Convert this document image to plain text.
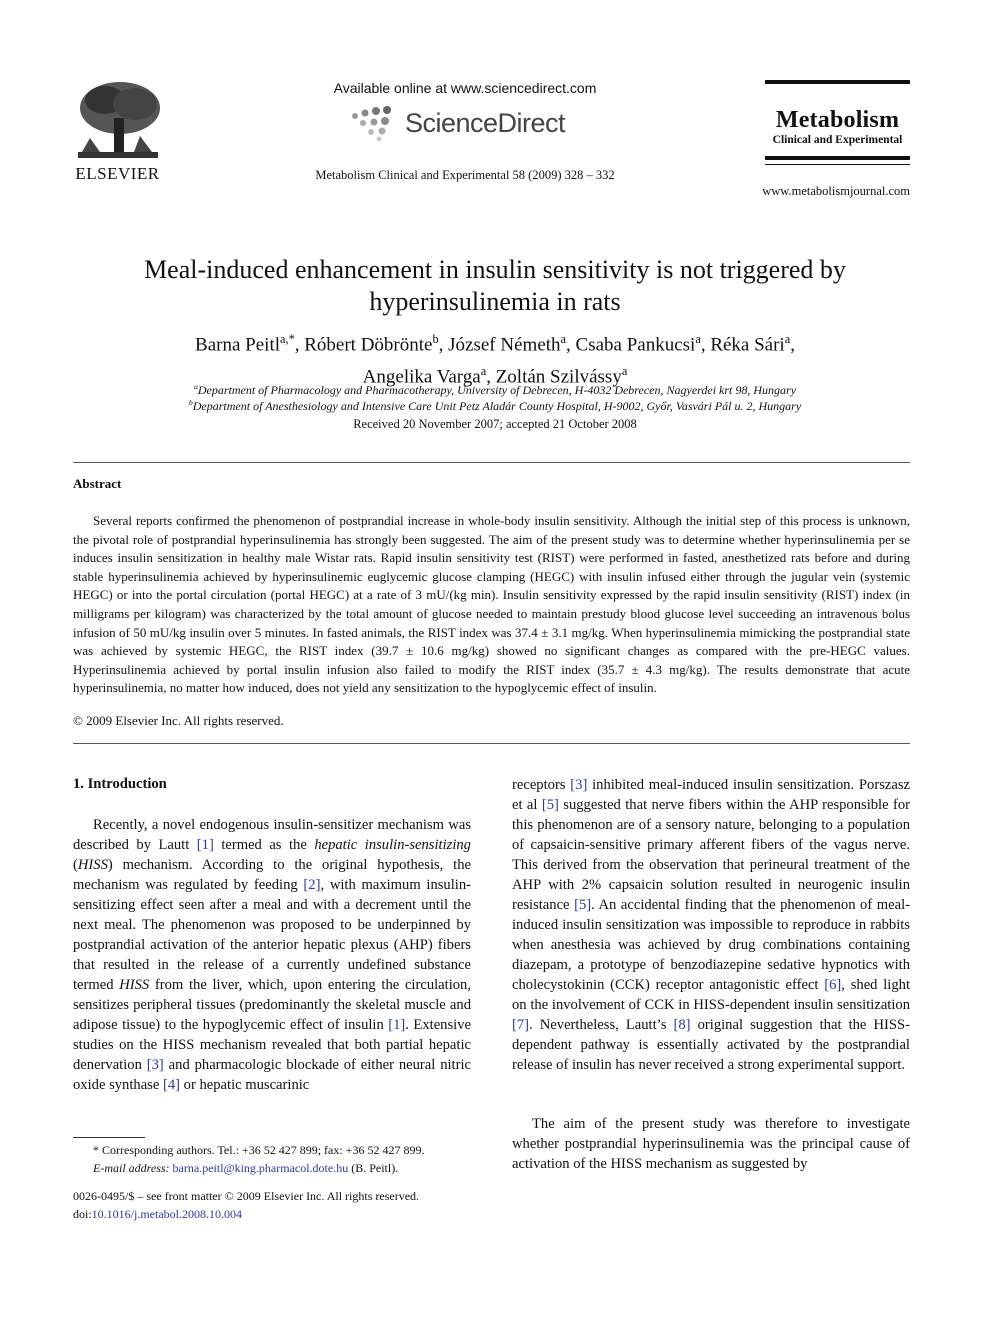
ELSEVIER
Available online at www.sciencedirect.com
ScienceDirect
Metabolism Clinical and Experimental 58 (2009) 328 – 332
Metabolism
Clinical and Experimental
www.metabolismjournal.com
Meal-induced enhancement in insulin sensitivity is not triggered by
hyperinsulinemia in rats
Barna Peitl$^{a,*}$, Róbert Döbrönte$^b$, József Németh$^a$, Csaba Pankucsi$^a$, Réka Sári$^a$,
Angelika Varga$^a$, Zoltán Szilvássy$^a$
$^a$Department of Pharmacology and Pharmacotherapy, University of Debrecen, H-4032 Debrecen, Nagyerdei krt 98, Hungary
$^b$Department of Anesthesiology and Intensive Care Unit Petz Aladár County Hospital, H-9002, Győr, Vasvári Pál u. 2, Hungary
Received 20 November 2007; accepted 21 October 2008
Abstract
Several reports confirmed the phenomenon of postprandial increase in whole-body insulin sensitivity. Although the initial step of this process is unknown, the pivotal role of postprandial hyperinsulinemia has strongly been suggested. The aim of the present study was to determine whether hyperinsulinemia per se induces insulin sensitization in healthy male Wistar rats. Rapid insulin sensitivity test (RIST) were performed in fasted, anesthetized rats before and during stable hyperinsulinemia achieved by hyperinsulinemic euglycemic glucose clamping (HEGC) with insulin infused either through the jugular vein (systemic HEGC) or into the portal circulation (portal HEGC) at a rate of 3 mU/(kg min). Insulin sensitivity expressed by the rapid insulin sensitivity (RIST) index (in milligrams per kilogram) was characterized by the total amount of glucose needed to maintain prestudy blood glucose level succeeding an intravenous bolus infusion of 50 mU/kg insulin over 5 minutes. In fasted animals, the RIST index was 37.4 ± 3.1 mg/kg. When hyperinsulinemia mimicking the postprandial state was achieved by systemic HEGC, the RIST index (39.7 ± 10.6 mg/kg) showed no significant changes as compared with the pre-HEGC values. Hyperinsulinemia achieved by portal insulin infusion also failed to modify the RIST index (35.7 ± 4.3 mg/kg). The results demonstrate that acute hyperinsulinemia, no matter how induced, does not yield any sensitization to the hypoglycemic effect of insulin.
© 2009 Elsevier Inc. All rights reserved.
1. Introduction
Recently, a novel endogenous insulin-sensitizer mechanism was described by Lautt [1] termed as the hepatic insulin-sensitizing (HISS) mechanism. According to the original hypothesis, the mechanism was regulated by feeding [2], with maximum insulin-sensitizing effect seen after a meal and with a decrement until the next meal. The phenomenon was proposed to be underpinned by postprandial activation of the anterior hepatic plexus (AHP) fibers that resulted in the release of a currently undefined substance termed HISS from the liver, which, upon entering the circulation, sensitizes peripheral tissues (predominantly the skeletal muscle and adipose tissue) to the hypoglycemic effect of insulin [1]. Extensive studies on the HISS mechanism revealed that both partial hepatic denervation [3] and pharmacologic blockade of either neural nitric oxide synthase [4] or hepatic muscarinic
receptors [3] inhibited meal-induced insulin sensitization. Porszasz et al [5] suggested that nerve fibers within the AHP responsible for this phenomenon are of a sensory nature, belonging to a population of capsaicin-sensitive primary afferent fibers of the vagus nerve. This derived from the observation that perineural treatment of the AHP with 2% capsaicin solution resulted in neurogenic insulin resistance [5]. An accidental finding that the phenomenon of meal-induced insulin sensitization was impossible to reproduce in rabbits when anesthesia was achieved by drug combinations containing diazepam, a prototype of benzodiazepine sedative hypnotics with cholecystokinin (CCK) receptor antagonistic effect [6], shed light on the involvement of CCK in HISS-dependent insulin sensitization [7]. Nevertheless, Lautt’s [8] original suggestion that the HISS-dependent pathway is essentially activated by the postprandial release of insulin has never received a strong experimental support.
The aim of the present study was therefore to investigate whether postprandial hyperinsulinemia was the principal cause of activation of the HISS mechanism as suggested by
* Corresponding authors. Tel.: +36 52 427 899; fax: +36 52 427 899.
E-mail address: barna.peitl@king.pharmacol.dote.hu (B. Peitl).
0026-0495/$ – see front matter © 2009 Elsevier Inc. All rights reserved.
doi:10.1016/j.metabol.2008.10.004
